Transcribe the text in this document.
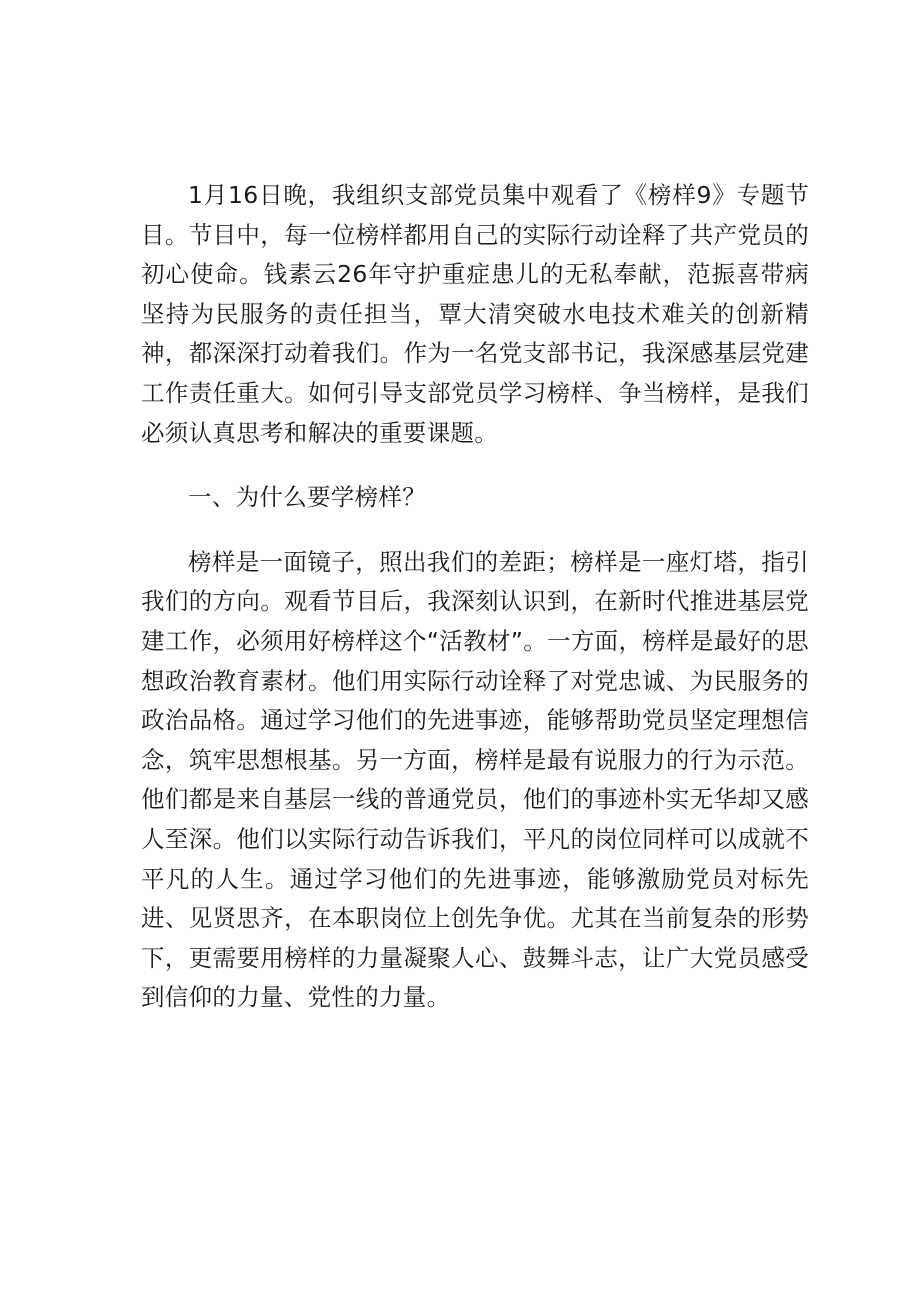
1月16日晚，我组织支部党员集中观看了《榜样9》专题节目。节目中，每一位榜样都用自己的实际行动诠释了共产党员的初心使命。钱素云26年守护重症患儿的无私奉献，范振喜带病坚持为民服务的责任担当，覃大清突破水电技术难关的创新精神，都深深打动着我们。作为一名党支部书记，我深感基层党建工作责任重大。如何引导支部党员学习榜样、争当榜样，是我们必须认真思考和解决的重要课题。

一、为什么要学榜样？

榜样是一面镜子，照出我们的差距；榜样是一座灯塔，指引我们的方向。观看节目后，我深刻认识到，在新时代推进基层党建工作，必须用好榜样这个“活教材”。一方面，榜样是最好的思想政治教育素材。他们用实际行动诠释了对党忠诚、为民服务的政治品格。通过学习他们的先进事迹，能够帮助党员坚定理想信念，筑牢思想根基。另一方面，榜样是最有说服力的行为示范。他们都是来自基层一线的普通党员，他们的事迹朴实无华却又感人至深。他们以实际行动告诉我们，平凡的岗位同样可以成就不平凡的人生。通过学习他们的先进事迹，能够激励党员对标先进、见贤思齐，在本职岗位上创先争优。尤其在当前复杂的形势下，更需要用榜样的力量凝聚人心、鼓舞斗志，让广大党员感受到信仰的力量、党性的力量。
